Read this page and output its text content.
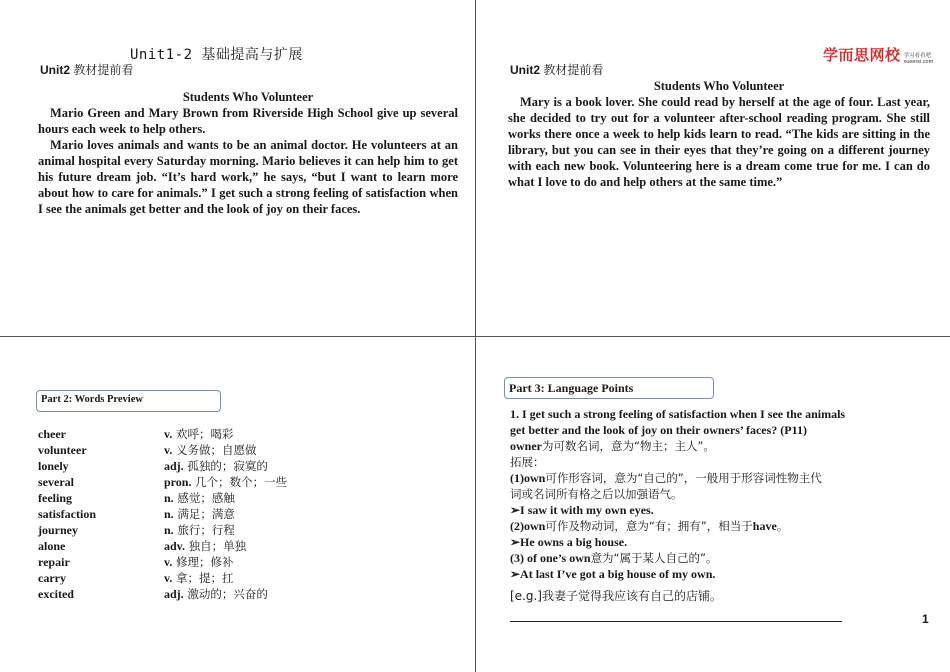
Unit1-2 基础提高与扩展
Unit2 教材提前看
Students Who Volunteer

Mario Green and Mary Brown from Riverside High School give up several hours each week to help others.

Mario loves animals and wants to be an animal doctor. He volunteers at an animal hospital every Saturday morning. Mario believes it can help him to get his future dream job. “It’s hard work,” he says, “but I want to learn more about how to care for animals.” I get such a strong feeling of satisfaction when I see the animals get better and the look of joy on their faces.

学而思网校 学习看看吧
xueersi.com
Unit2 教材提前看
Students Who Volunteer

Mary is a book lover. She could read by herself at the age of four. Last year, she decided to try out for a volunteer after-school reading program. She still works there once a week to help kids learn to read. “The kids are sitting in the library, but you can see in their eyes that they’re going on a different journey with each new book. Volunteering here is a dream come true for me. I can do what I love to do and help others at the same time.”

Part 2: Words Preview
cheer	v. 欢呼；喝彩
volunteer	v. 义务做；自愿做
lonely	adj. 孤独的；寂寞的
several	pron. 几个；数个；一些
feeling	n. 感觉；感触
satisfaction	n. 满足；满意
journey	n. 旅行；行程
alone	adv. 独自；单独
repair	v. 修理；修补
carry	v. 拿；提；扛
excited	adj. 激动的；兴奋的
Part 3: Language Points
1. I get such a strong feeling of satisfaction when I see the animals
get better and the look of joy on their owners’ faces? (P11)
owner为可数名词，意为“物主；主人”。
拓展：
(1)own可作形容词，意为“自己的”，一般用于形容词性物主代
词或名词所有格之后以加强语气。
➢I saw it with my own eyes.
(2)own可作及物动词，意为“有；拥有”，相当于have。
➢He owns a big house.
(3) of one’s own意为“属于某人自己的”。
➢At last I’ve got a big house of my own.
[e.g.]我妻子觉得我应该有自己的店铺。
1
